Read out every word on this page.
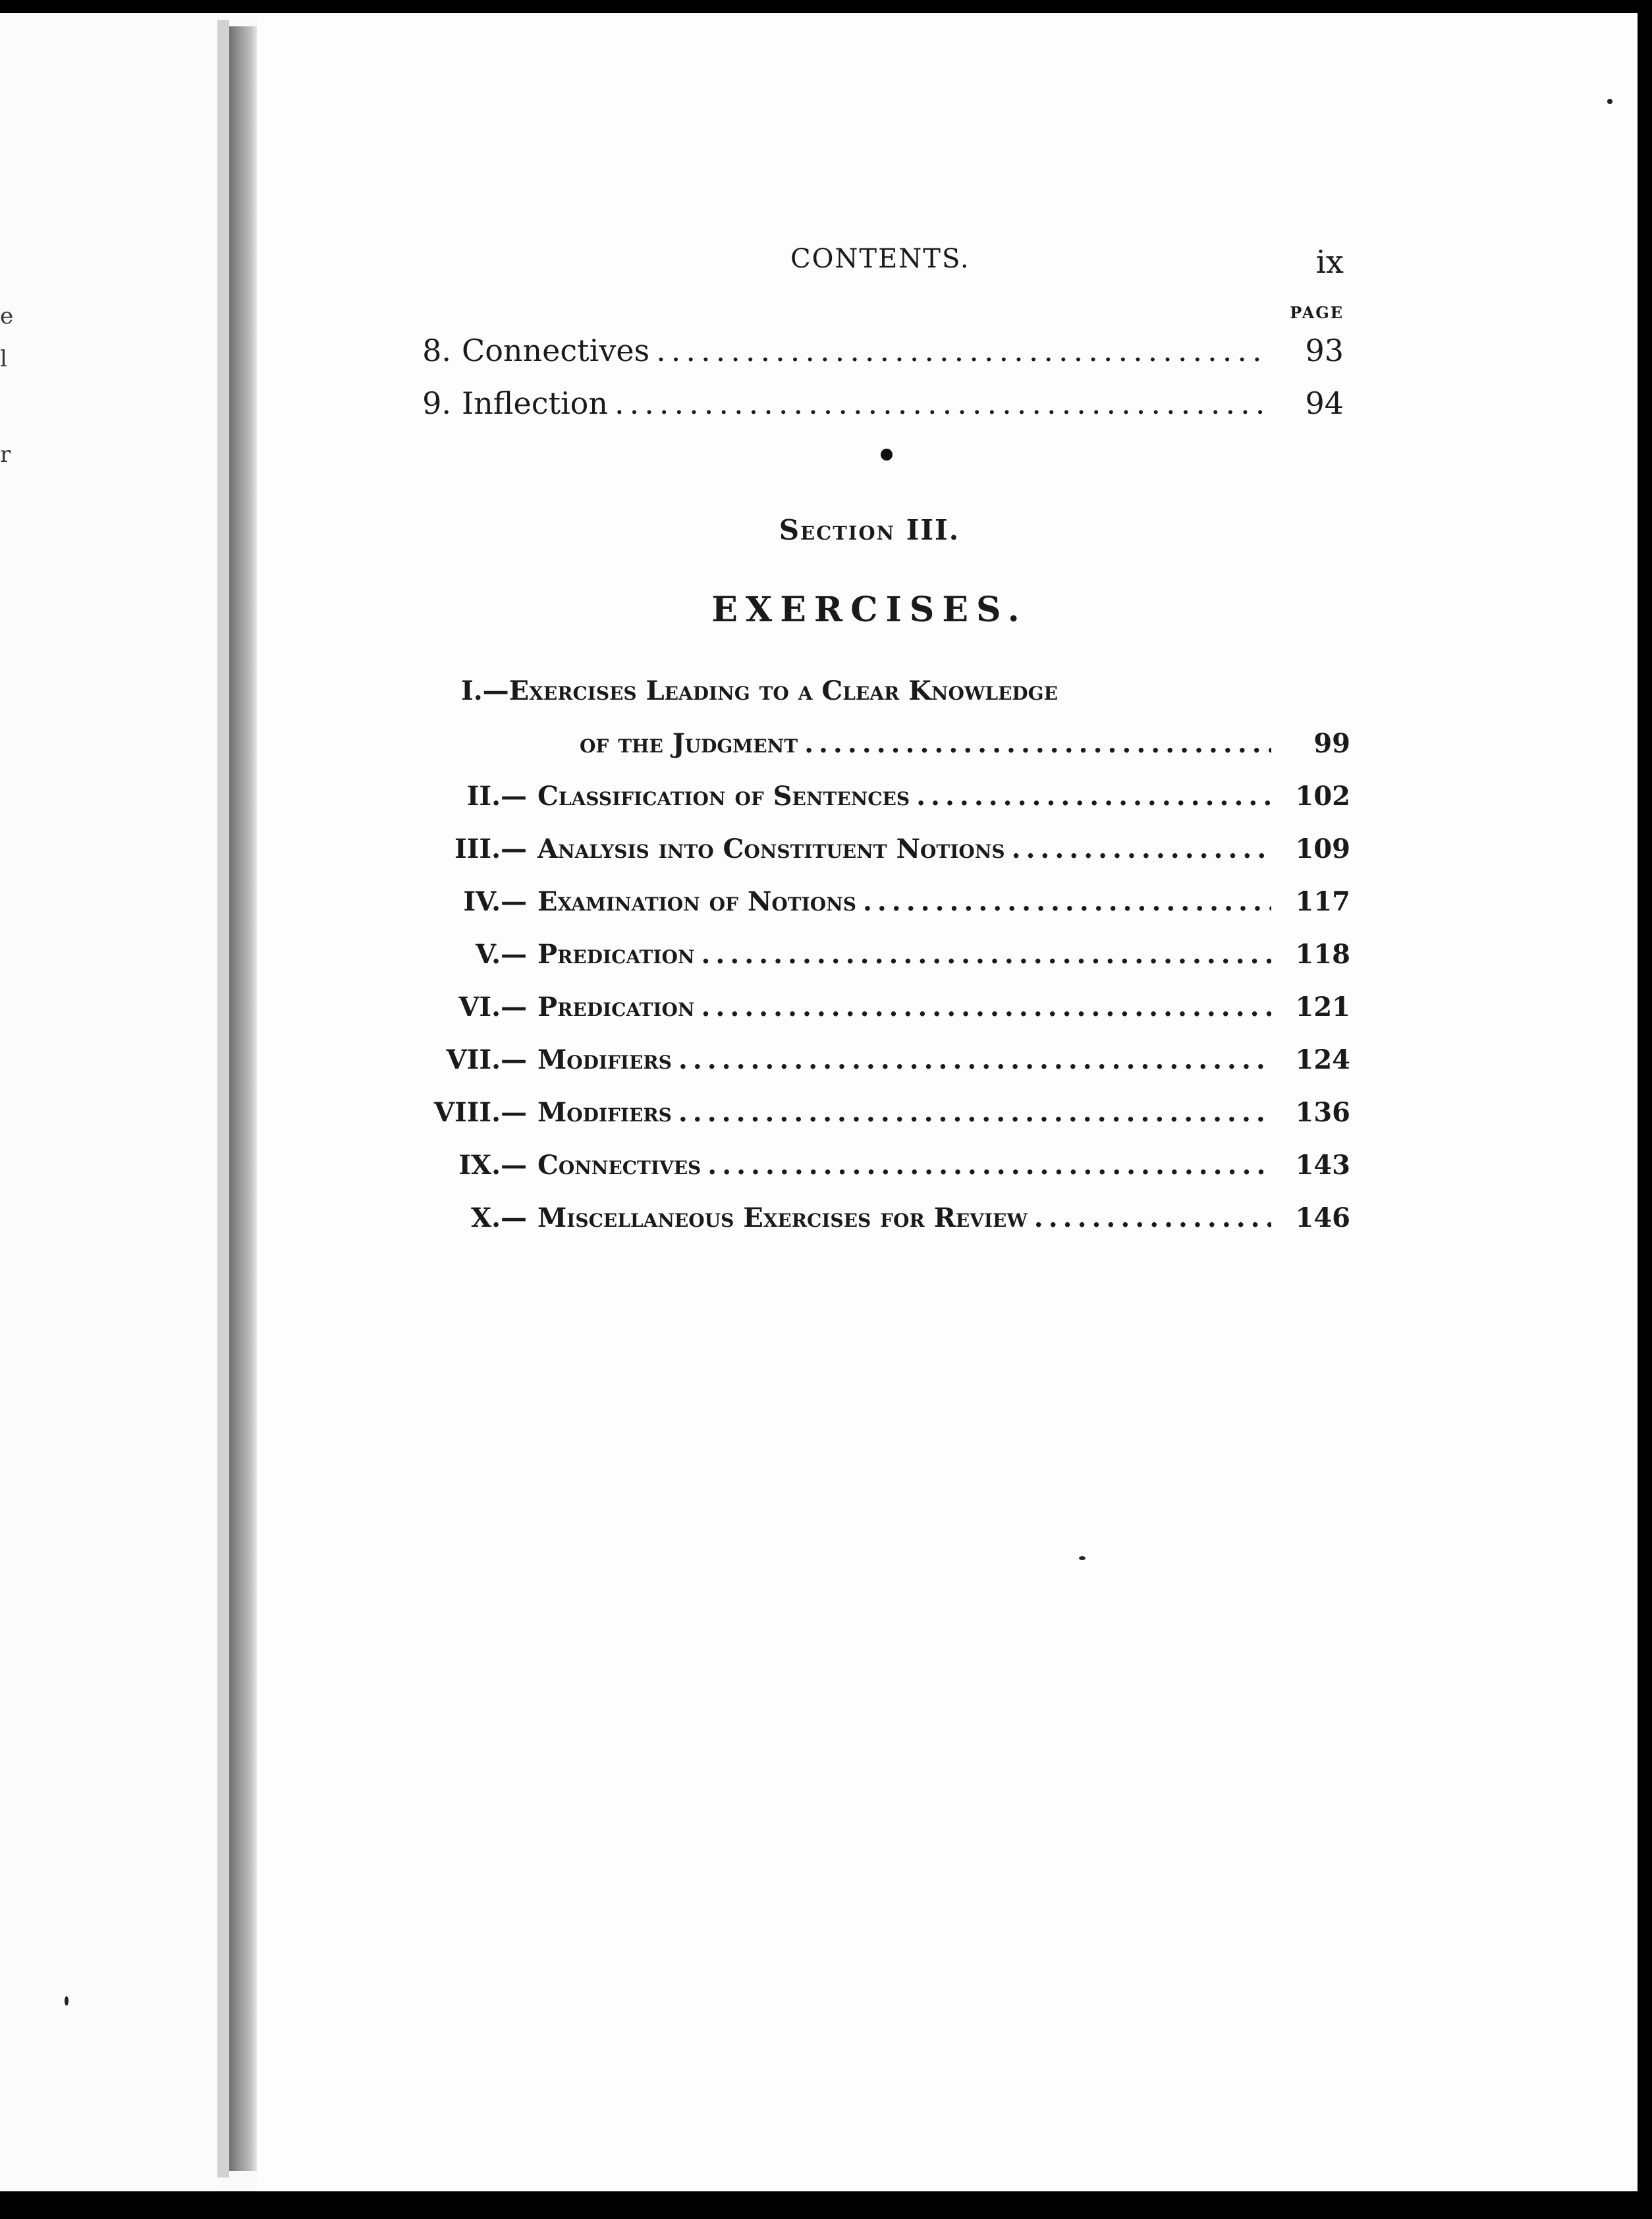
e
l
r
CONTENTS.	ix
PAGE
8. Connectives .....	93
9. Inflection .....	94
Section III.
EXERCISES.
I.—Exercises Leading to a Clear Knowledge
of the Judgment .....	99
II.— Classification of Sentences .....	102
III.— Analysis into Constituent Notions .....	109
IV.— Examination of Notions .....	117
V.— Predication .....	118
VI.— Predication .....	121
VII.— Modifiers .....	124
VIII.— Modifiers .....	136
IX.— Connectives .....	143
X.— Miscellaneous Exercises for Review .....	146
